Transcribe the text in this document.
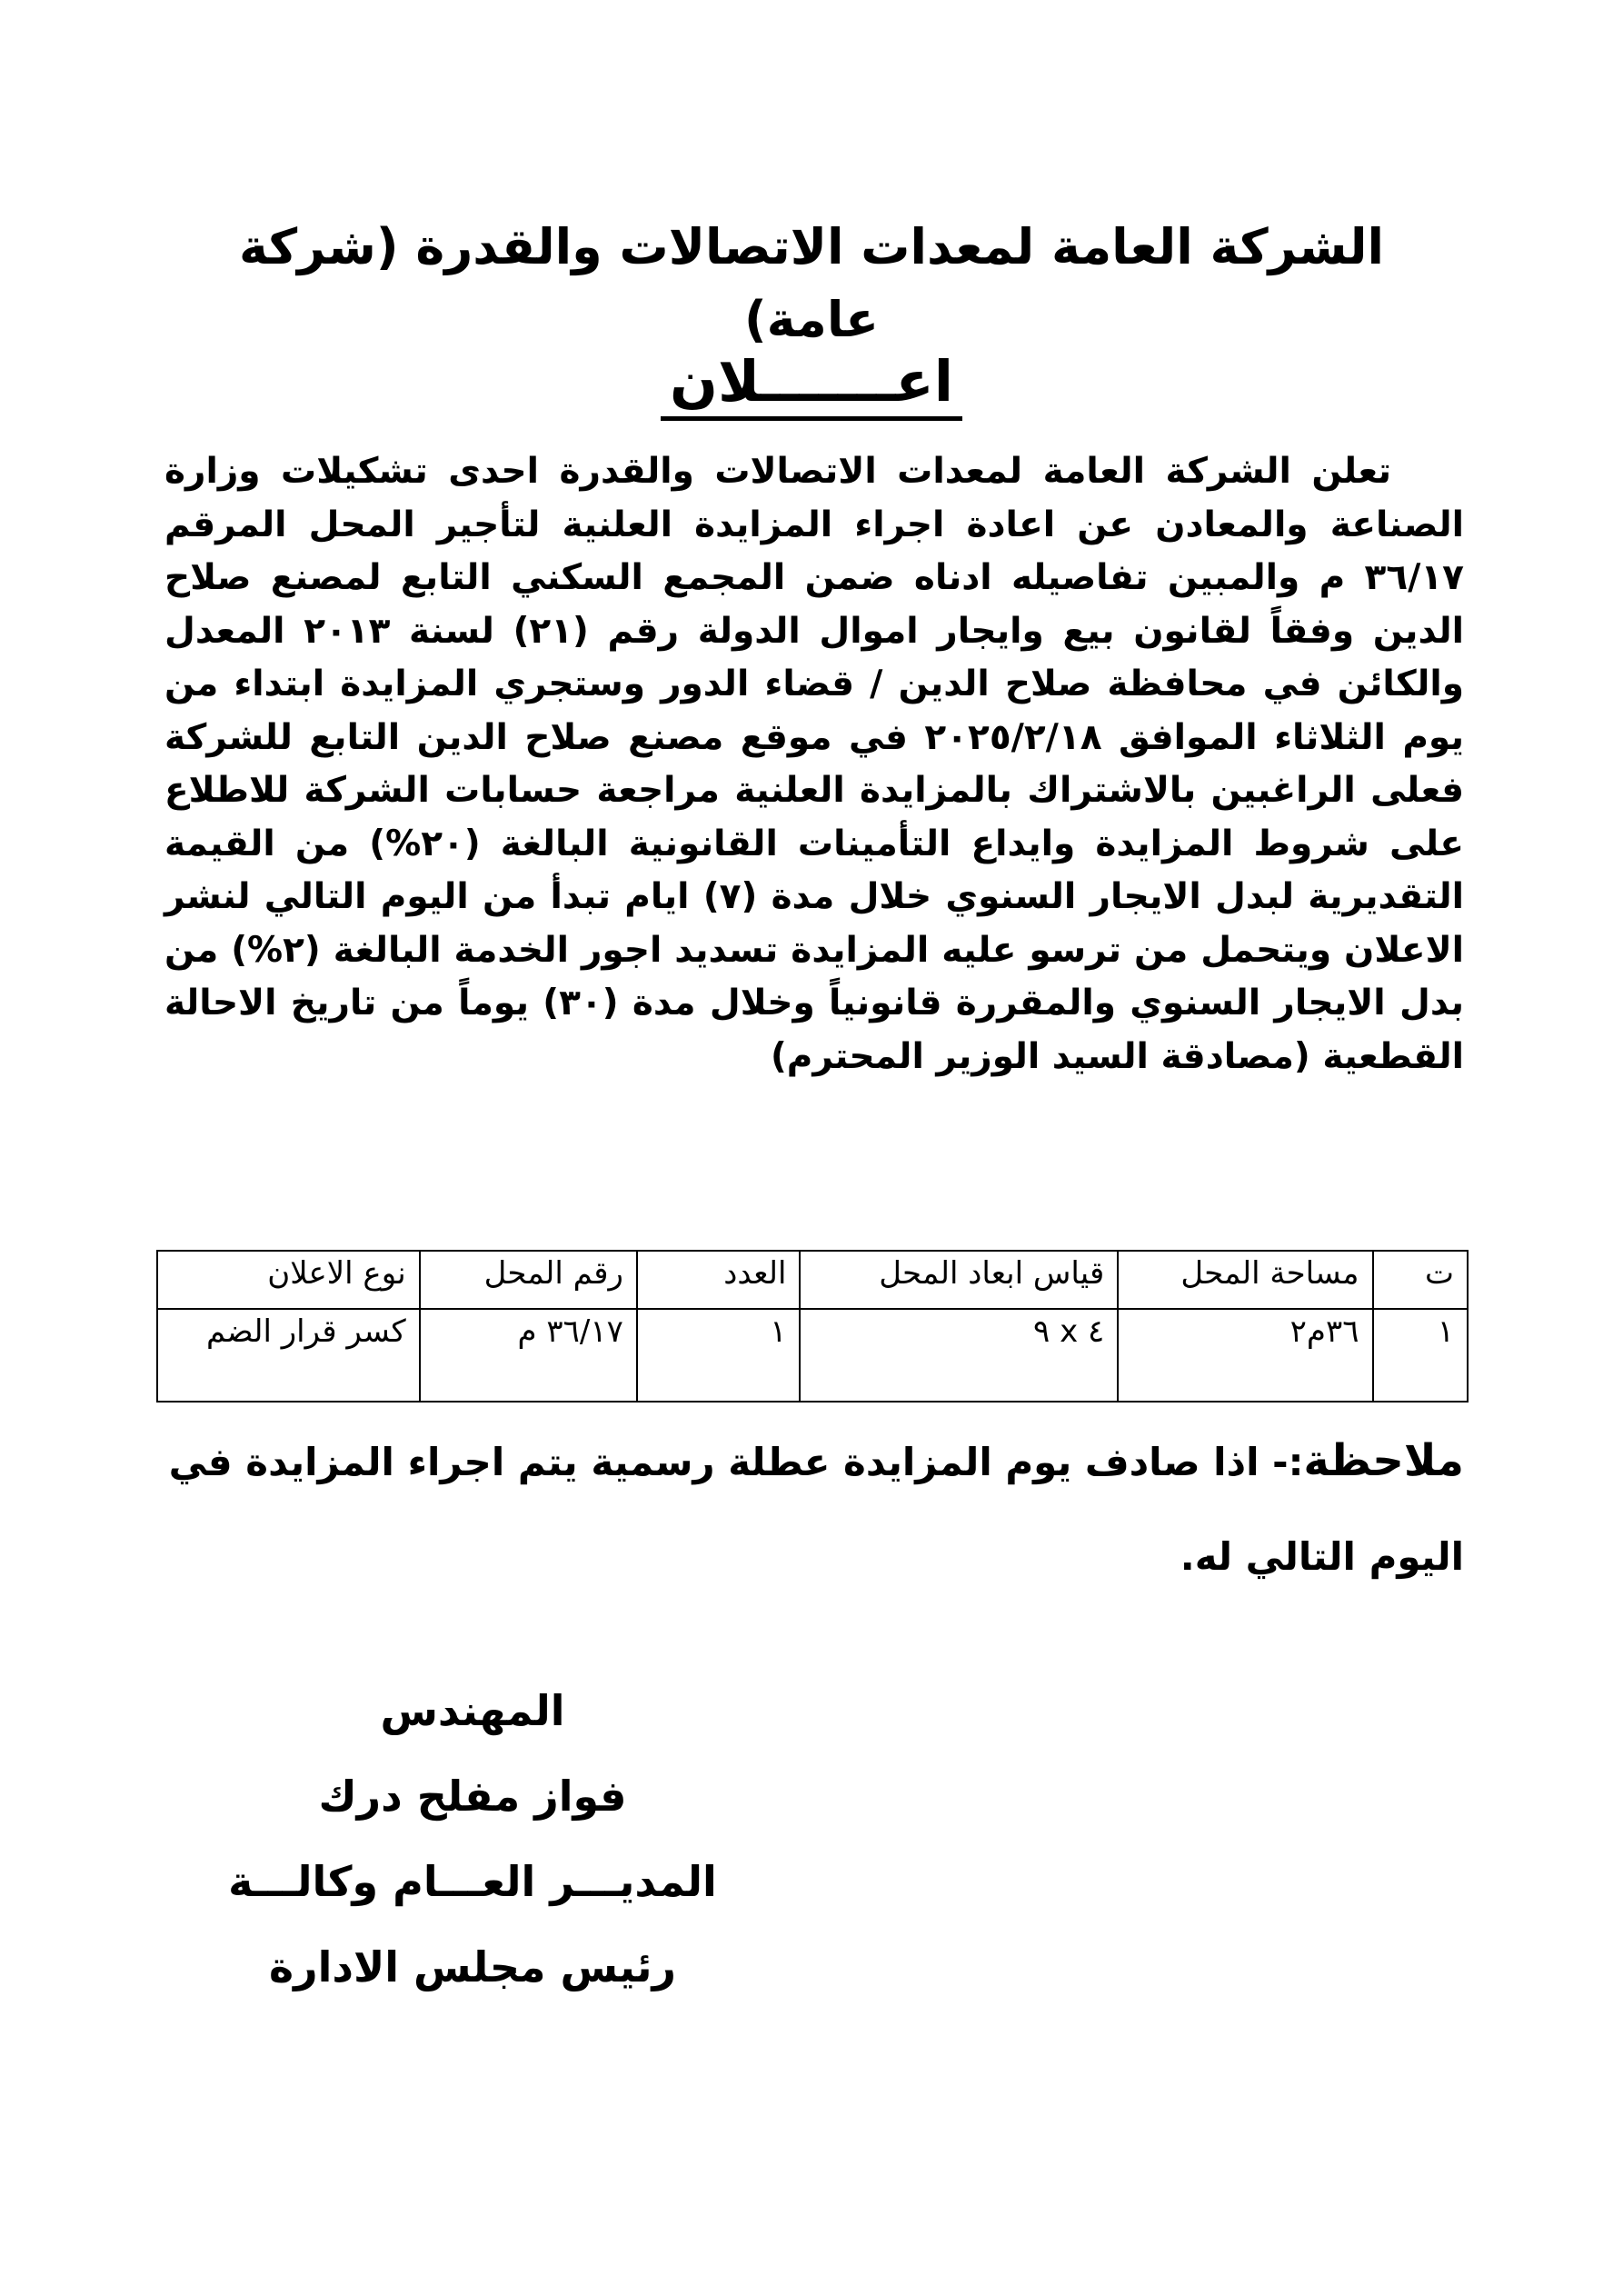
الشركة العامة لمعدات الاتصالات والقدرة (شركة عامة)
اعـــــــلان

تعلن الشركة العامة لمعدات الاتصالات والقدرة احدى تشكيلات وزارة الصناعة والمعادن عن اعادة اجراء المزايدة العلنية لتأجير المحل المرقم ٣٦/١٧ م والمبين تفاصيله ادناه ضمن المجمع السكني التابع لمصنع صلاح الدين وفقاً لقانون بيع وايجار اموال الدولة رقم (٢١) لسنة ٢٠١٣ المعدل والكائن في محافظة صلاح الدين / قضاء الدور وستجري المزايدة ابتداء من يوم الثلاثاء الموافق ٢٠٢٥/٢/١٨ في موقع مصنع صلاح الدين التابع للشركة فعلى الراغبين بالاشتراك بالمزايدة العلنية مراجعة حسابات الشركة للاطلاع على شروط المزايدة وايداع التأمينات القانونية البالغة (٢٠%) من القيمة التقديرية لبدل الايجار السنوي خلال مدة (٧) ايام تبدأ من اليوم التالي لنشر الاعلان ويتحمل من ترسو عليه المزايدة تسديد اجور الخدمة البالغة (٢%) من بدل الايجار السنوي والمقررة قانونياً وخلال مدة (٣٠) يوماً من تاريخ الاحالة القطعية (مصادقة السيد الوزير المحترم)

ت	مساحة المحل	قياس ابعاد المحل	العدد	رقم المحل	نوع الاعلان
١	٣٦م٢	٤ x ٩	١	٣٦/١٧ م	كسر قرار الضم

ملاحظة:- اذا صادف يوم المزايدة عطلة رسمية يتم اجراء المزايدة في اليوم التالي له.

المهندس
فواز مفلح درك
المديـــر العـــام وكالـــة
رئيس مجلس الادارة
